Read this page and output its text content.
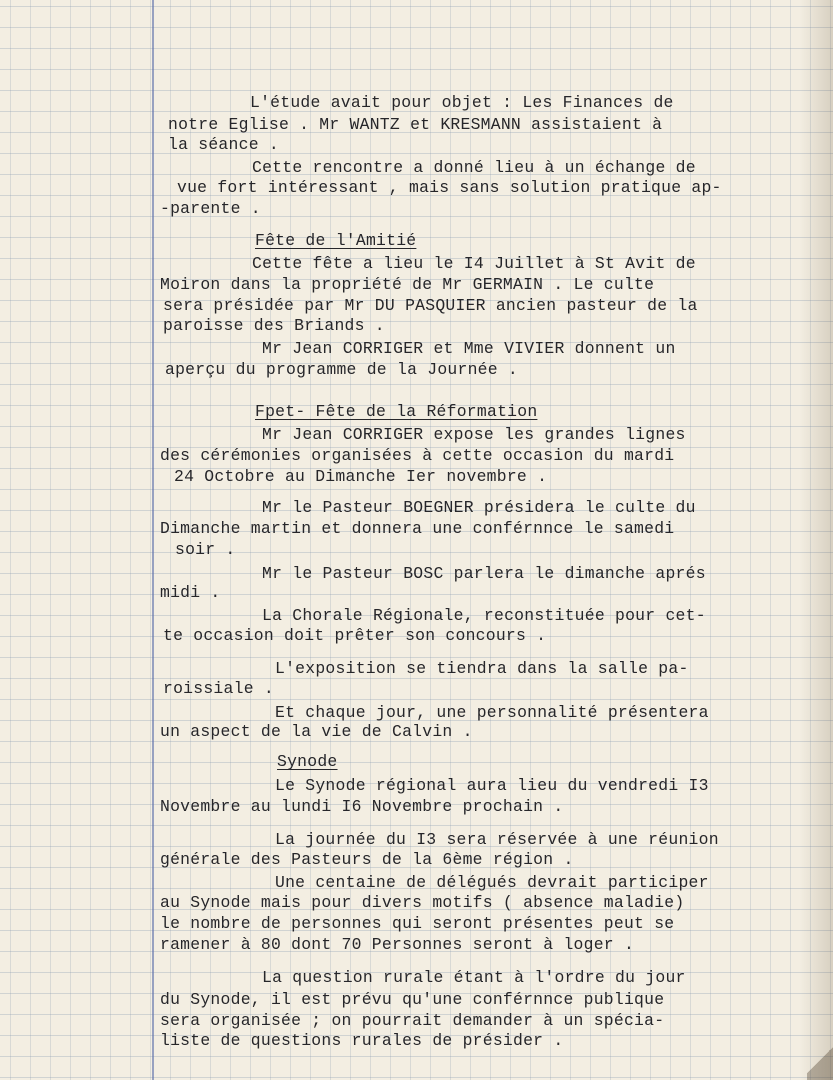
L'étude avait pour objet : Les Finances de

notre Eglise . Mr WANTZ et KRESMANN assistaient à

la séance .

Cette rencontre a donné lieu à un échange de

vue fort intéressant , mais sans solution pratique ap-

-parente .

Fête de l'Amitié

Cette fête a lieu le I4 Juillet à St Avit de

Moiron dans la propriété de Mr GERMAIN . Le culte

sera présidée par Mr DU PASQUIER ancien pasteur de la

paroisse des Briands .

Mr Jean CORRIGER et Mme VIVIER donnent un

aperçu du programme de la Journée .

Fpet- Fête de la Réformation

Mr Jean CORRIGER expose les grandes lignes

des cérémonies organisées à cette occasion du mardi

24 Octobre au Dimanche Ier novembre .

Mr le Pasteur BOEGNER présidera le culte du

Dimanche martin et donnera une conférnnce le samedi

soir .

Mr le Pasteur BOSC parlera le dimanche aprés

midi .

La Chorale Régionale, reconstituée pour cet-

te occasion doit prêter son concours .

L'exposition se tiendra dans la salle pa-

roissiale .

Et chaque jour, une personnalité présentera

un aspect de la vie de Calvin .

Synode

Le Synode régional aura lieu du vendredi I3

Novembre au lundi I6 Novembre prochain .

La journée du I3 sera réservée à une réunion

générale des Pasteurs de la 6ème région .

Une centaine de délégués devrait participer

au Synode mais pour divers motifs ( absence maladie)

le nombre de personnes qui seront présentes peut se

ramener à 80 dont 70 Personnes seront à loger .

La question rurale étant à l'ordre du jour

du Synode, il est prévu qu'une conférnnce publique

sera organisée ; on pourrait demander à un spécia-

liste de questions rurales de présider .
